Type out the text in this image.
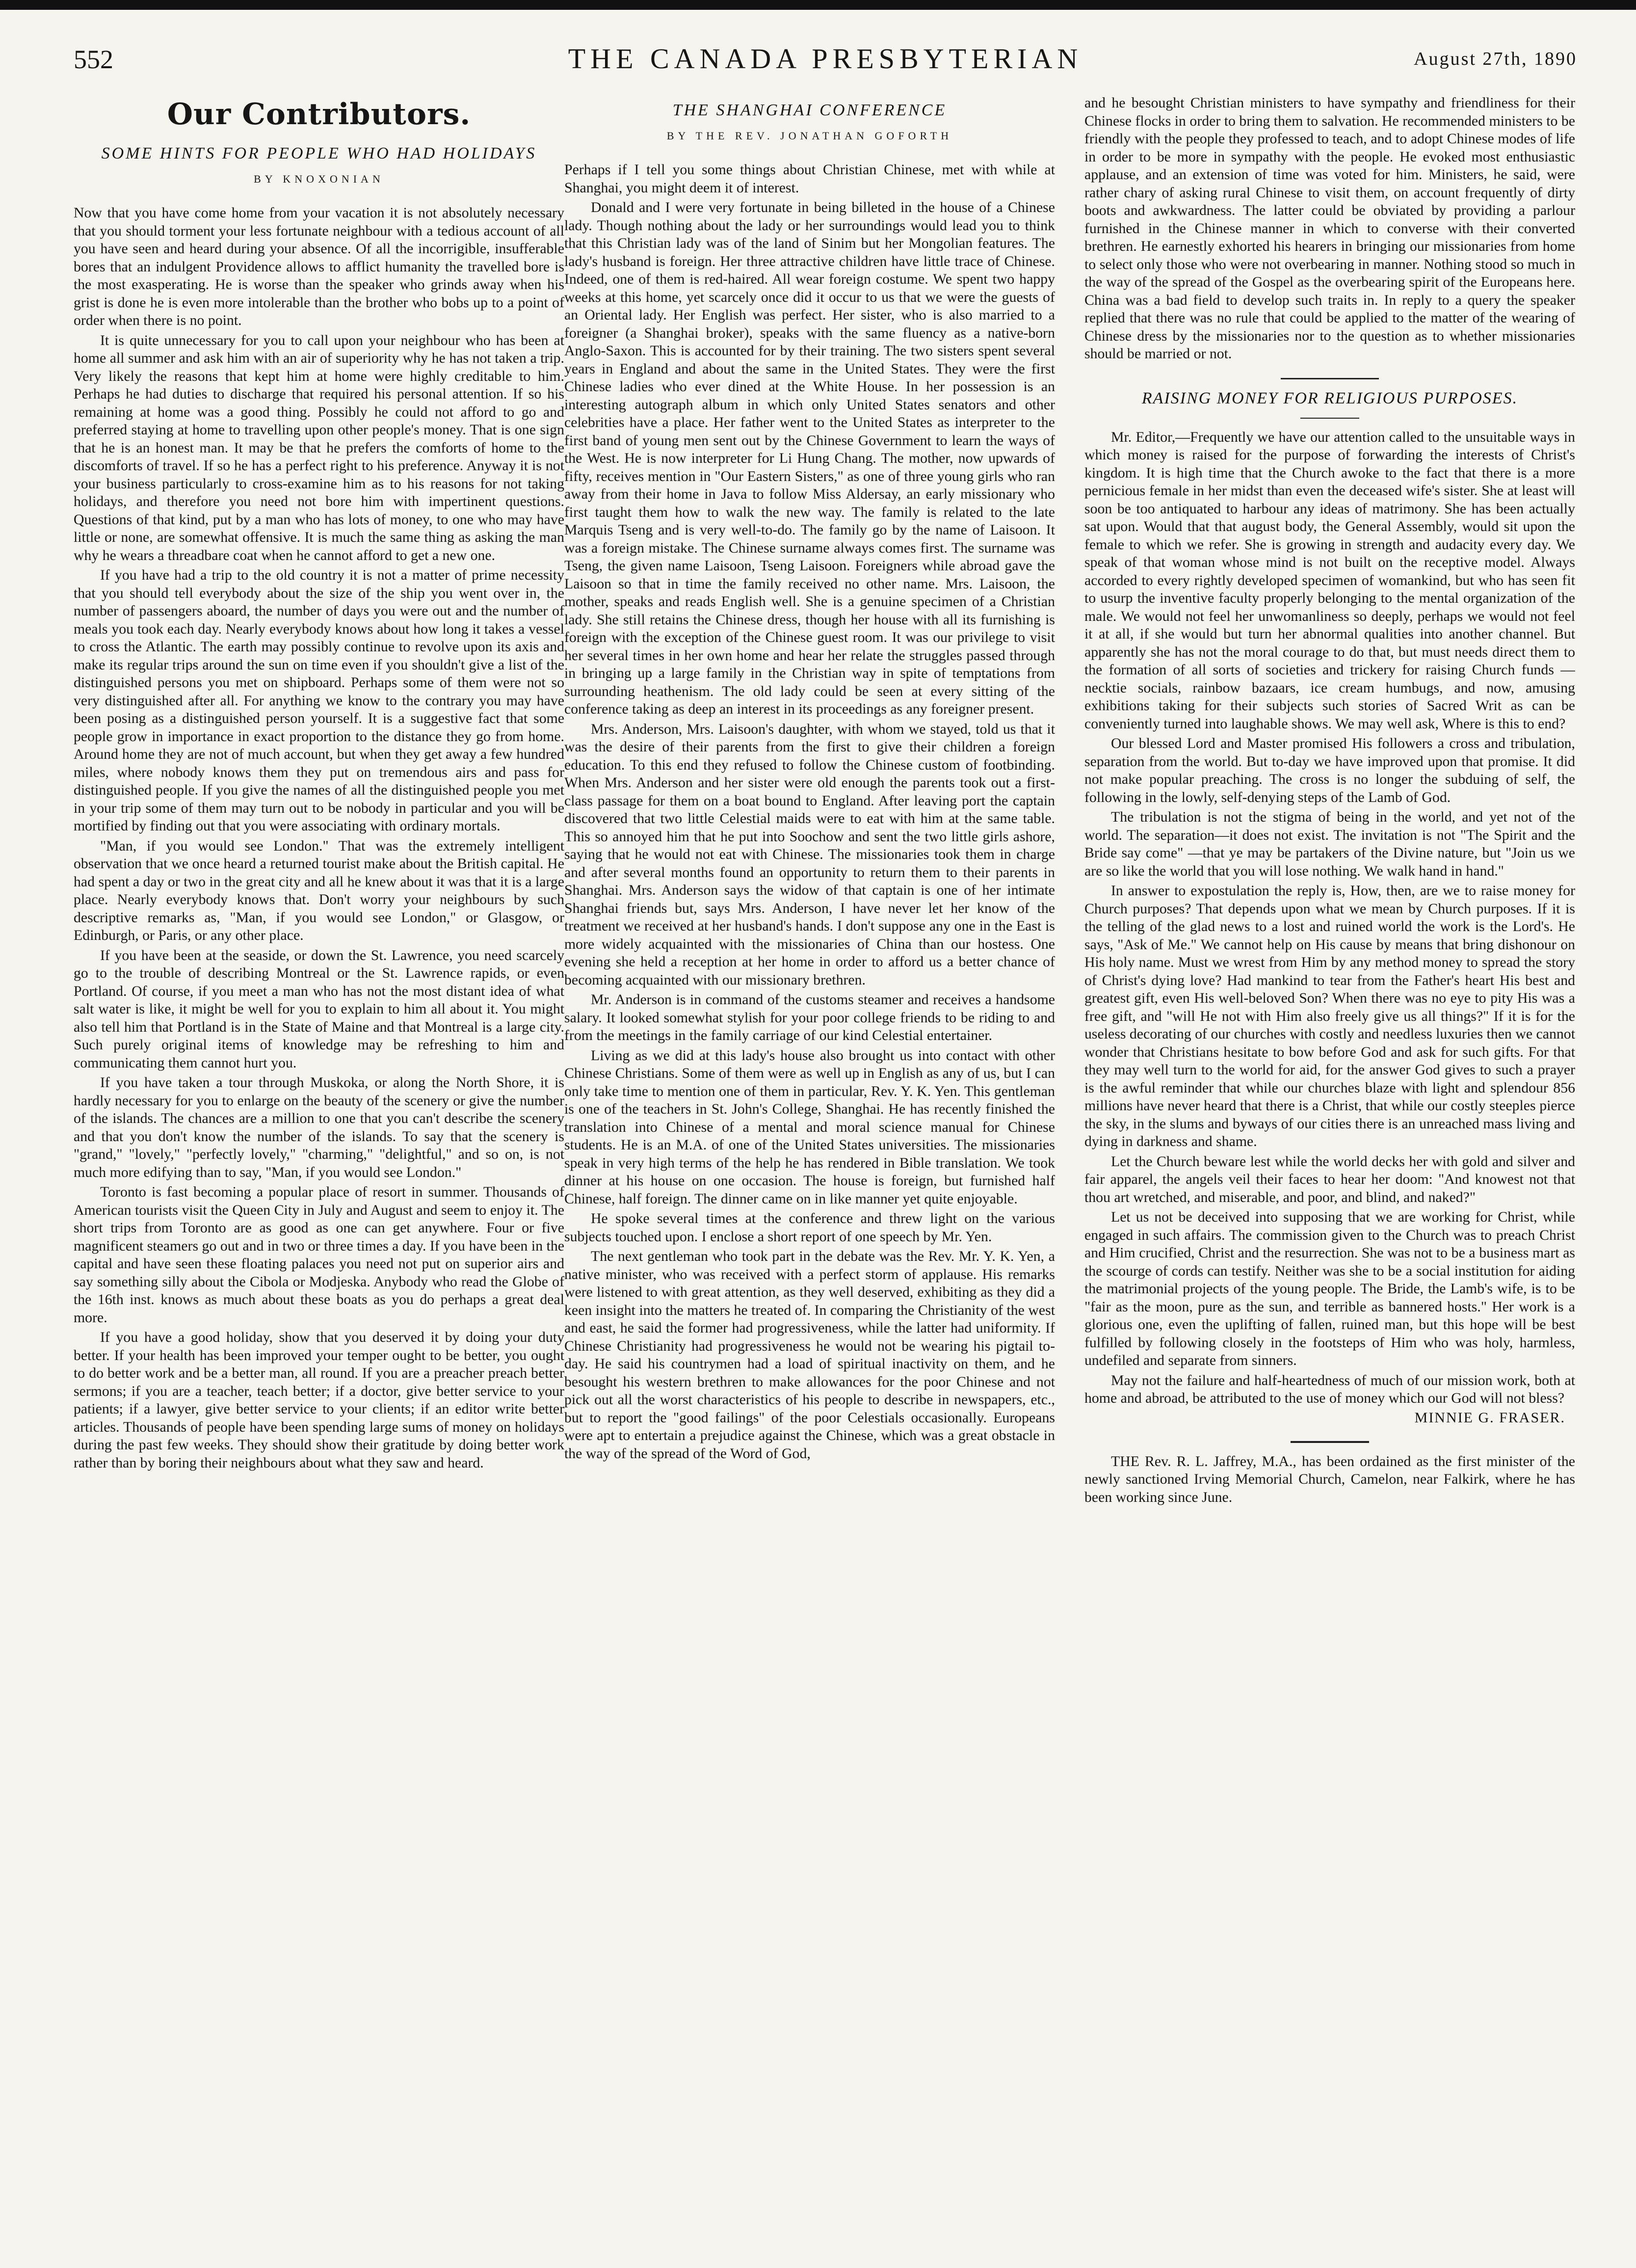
552	THE CANADA PRESBYTERIAN	August 27th, 1890
Our Contributors.
SOME HINTS FOR PEOPLE WHO HAD HOLIDAYS
BY KNOXONIAN

Now that you have come home from your vacation it is not absolutely necessary that you should torment your less fortunate neighbour with a tedious account of all you have seen and heard during your absence. Of all the incorrigible, insufferable bores that an indulgent Providence allows to afflict humanity the travelled bore is the most exasperating. He is worse than the speaker who grinds away when his grist is done he is even more intolerable than the brother who bobs up to a point of order when there is no point.

It is quite unnecessary for you to call upon your neighbour who has been at home all summer and ask him with an air of superiority why he has not taken a trip. Very likely the reasons that kept him at home were highly creditable to him. Perhaps he had duties to discharge that required his personal attention. If so his remaining at home was a good thing. Possibly he could not afford to go and preferred staying at home to travelling upon other people's money. That is one sign that he is an honest man. It may be that he prefers the comforts of home to the discomforts of travel. If so he has a perfect right to his preference. Anyway it is not your business particularly to cross-examine him as to his reasons for not taking holidays, and therefore you need not bore him with impertinent questions. Questions of that kind, put by a man who has lots of money, to one who may have little or none, are somewhat offensive. It is much the same thing as asking the man why he wears a threadbare coat when he cannot afford to get a new one.

If you have had a trip to the old country it is not a matter of prime necessity that you should tell everybody about the size of the ship you went over in, the number of passengers aboard, the number of days you were out and the number of meals you took each day. Nearly everybody knows about how long it takes a vessel to cross the Atlantic. The earth may possibly continue to revolve upon its axis and make its regular trips around the sun on time even if you shouldn't give a list of the distinguished persons you met on shipboard. Perhaps some of them were not so very distinguished after all. For anything we know to the contrary you may have been posing as a distinguished person yourself. It is a suggestive fact that some people grow in importance in exact proportion to the distance they go from home. Around home they are not of much account, but when they get away a few hundred miles, where nobody knows them they put on tremendous airs and pass for distinguished people. If you give the names of all the distinguished people you met in your trip some of them may turn out to be nobody in particular and you will be mortified by finding out that you were associating with ordinary mortals.

"Man, if you would see London." That was the extremely intelligent observation that we once heard a returned tourist make about the British capital. He had spent a day or two in the great city and all he knew about it was that it is a large place. Nearly everybody knows that. Don't worry your neighbours by such descriptive remarks as, "Man, if you would see London," or Glasgow, or Edinburgh, or Paris, or any other place.

If you have been at the seaside, or down the St. Lawrence, you need scarcely go to the trouble of describing Montreal or the St. Lawrence rapids, or even Portland. Of course, if you meet a man who has not the most distant idea of what salt water is like, it might be well for you to explain to him all about it. You might also tell him that Portland is in the State of Maine and that Montreal is a large city. Such purely original items of knowledge may be refreshing to him and communicating them cannot hurt you.

If you have taken a tour through Muskoka, or along the North Shore, it is hardly necessary for you to enlarge on the beauty of the scenery or give the number of the islands. The chances are a million to one that you can't describe the scenery and that you don't know the number of the islands. To say that the scenery is "grand," "lovely," "perfectly lovely," "charming," "delightful," and so on, is not much more edifying than to say, "Man, if you would see London."

Toronto is fast becoming a popular place of resort in summer. Thousands of American tourists visit the Queen City in July and August and seem to enjoy it. The short trips from Toronto are as good as one can get anywhere. Four or five magnificent steamers go out and in two or three times a day. If you have been in the capital and have seen these floating palaces you need not put on superior airs and say something silly about the Cibola or Modjeska. Anybody who read the Globe of the 16th inst. knows as much about these boats as you do perhaps a great deal more.

If you have a good holiday, show that you deserved it by doing your duty better. If your health has been improved your temper ought to be better, you ought to do better work and be a better man, all round. If you are a preacher preach better sermons; if you are a teacher, teach better; if a doctor, give better service to your patients; if a lawyer, give better service to your clients; if an editor write better articles. Thousands of people have been spending large sums of money on holidays during the past few weeks. They should show their gratitude by doing better work rather than by boring their neighbours about what they saw and heard.

THE SHANGHAI CONFERENCE
BY THE REV. JONATHAN GOFORTH

Perhaps if I tell you some things about Christian Chinese, met with while at Shanghai, you might deem it of interest.

Donald and I were very fortunate in being billeted in the house of a Chinese lady. Though nothing about the lady or her surroundings would lead you to think that this Christian lady was of the land of Sinim but her Mongolian features. The lady's husband is foreign. Her three attractive children have little trace of Chinese. Indeed, one of them is red-haired. All wear foreign costume. We spent two happy weeks at this home, yet scarcely once did it occur to us that we were the guests of an Oriental lady. Her English was perfect. Her sister, who is also married to a foreigner (a Shanghai broker), speaks with the same fluency as a native-born Anglo-Saxon. This is accounted for by their training. The two sisters spent several years in England and about the same in the United States. They were the first Chinese ladies who ever dined at the White House. In her possession is an interesting autograph album in which only United States senators and other celebrities have a place. Her father went to the United States as interpreter to the first band of young men sent out by the Chinese Government to learn the ways of the West. He is now interpreter for Li Hung Chang. The mother, now upwards of fifty, receives mention in "Our Eastern Sisters," as one of three young girls who ran away from their home in Java to follow Miss Aldersay, an early missionary who first taught them how to walk the new way. The family is related to the late Marquis Tseng and is very well-to-do. The family go by the name of Laisoon. It was a foreign mistake. The Chinese surname always comes first. The surname was Tseng, the given name Laisoon, Tseng Laisoon. Foreigners while abroad gave the Laisoon so that in time the family received no other name. Mrs. Laisoon, the mother, speaks and reads English well. She is a genuine specimen of a Christian lady. She still retains the Chinese dress, though her house with all its furnishing is foreign with the exception of the Chinese guest room. It was our privilege to visit her several times in her own home and hear her relate the struggles passed through in bringing up a large family in the Christian way in spite of temptations from surrounding heathenism. The old lady could be seen at every sitting of the conference taking as deep an interest in its proceedings as any foreigner present.

Mrs. Anderson, Mrs. Laisoon's daughter, with whom we stayed, told us that it was the desire of their parents from the first to give their children a foreign education. To this end they refused to follow the Chinese custom of footbinding. When Mrs. Anderson and her sister were old enough the parents took out a first-class passage for them on a boat bound to England. After leaving port the captain discovered that two little Celestial maids were to eat with him at the same table. This so annoyed him that he put into Soochow and sent the two little girls ashore, saying that he would not eat with Chinese. The missionaries took them in charge and after several months found an opportunity to return them to their parents in Shanghai. Mrs. Anderson says the widow of that captain is one of her intimate Shanghai friends but, says Mrs. Anderson, I have never let her know of the treatment we received at her husband's hands. I don't suppose any one in the East is more widely acquainted with the missionaries of China than our hostess. One evening she held a reception at her home in order to afford us a better chance of becoming acquainted with our missionary brethren.

Mr. Anderson is in command of the customs steamer and receives a handsome salary. It looked somewhat stylish for your poor college friends to be riding to and from the meetings in the family carriage of our kind Celestial entertainer.

Living as we did at this lady's house also brought us into contact with other Chinese Christians. Some of them were as well up in English as any of us, but I can only take time to mention one of them in particular, Rev. Y. K. Yen. This gentleman is one of the teachers in St. John's College, Shanghai. He has recently finished the translation into Chinese of a mental and moral science manual for Chinese students. He is an M.A. of one of the United States universities. The missionaries speak in very high terms of the help he has rendered in Bible translation. We took dinner at his house on one occasion. The house is foreign, but furnished half Chinese, half foreign. The dinner came on in like manner yet quite enjoyable.

He spoke several times at the conference and threw light on the various subjects touched upon. I enclose a short report of one speech by Mr. Yen.

The next gentleman who took part in the debate was the Rev. Mr. Y. K. Yen, a native minister, who was received with a perfect storm of applause. His remarks were listened to with great attention, as they well deserved, exhibiting as they did a keen insight into the matters he treated of. In comparing the Christianity of the west and east, he said the former had progressiveness, while the latter had uniformity. If Chinese Christianity had progressiveness he would not be wearing his pigtail to-day. He said his countrymen had a load of spiritual inactivity on them, and he besought his western brethren to make allowances for the poor Chinese and not pick out all the worst characteristics of his people to describe in newspapers, etc., but to report the "good failings" of the poor Celestials occasionally. Europeans were apt to entertain a prejudice against the Chinese, which was a great obstacle in the way of the spread of the Word of God,

and he besought Christian ministers to have sympathy and friendliness for their Chinese flocks in order to bring them to salvation. He recommended ministers to be friendly with the people they professed to teach, and to adopt Chinese modes of life in order to be more in sympathy with the people. He evoked most enthusiastic applause, and an extension of time was voted for him. Ministers, he said, were rather chary of asking rural Chinese to visit them, on account frequently of dirty boots and awkwardness. The latter could be obviated by providing a parlour furnished in the Chinese manner in which to converse with their converted brethren. He earnestly exhorted his hearers in bringing our missionaries from home to select only those who were not overbearing in manner. Nothing stood so much in the way of the spread of the Gospel as the overbearing spirit of the Europeans here. China was a bad field to develop such traits in. In reply to a query the speaker replied that there was no rule that could be applied to the matter of the wearing of Chinese dress by the missionaries nor to the question as to whether missionaries should be married or not.

RAISING MONEY FOR RELIGIOUS PURPOSES.

Mr. Editor,—Frequently we have our attention called to the unsuitable ways in which money is raised for the purpose of forwarding the interests of Christ's kingdom. It is high time that the Church awoke to the fact that there is a more pernicious female in her midst than even the deceased wife's sister. She at least will soon be too antiquated to harbour any ideas of matrimony. She has been actually sat upon. Would that that august body, the General Assembly, would sit upon the female to which we refer. She is growing in strength and audacity every day. We speak of that woman whose mind is not built on the receptive model. Always accorded to every rightly developed specimen of womankind, but who has seen fit to usurp the inventive faculty properly belonging to the mental organization of the male. We would not feel her unwomanliness so deeply, perhaps we would not feel it at all, if she would but turn her abnormal qualities into another channel. But apparently she has not the moral courage to do that, but must needs direct them to the formation of all sorts of societies and trickery for raising Church funds —necktie socials, rainbow bazaars, ice cream humbugs, and now, amusing exhibitions taking for their subjects such stories of Sacred Writ as can be conveniently turned into laughable shows. We may well ask, Where is this to end?

Our blessed Lord and Master promised His followers a cross and tribulation, separation from the world. But to-day we have improved upon that promise. It did not make popular preaching. The cross is no longer the subduing of self, the following in the lowly, self-denying steps of the Lamb of God.

The tribulation is not the stigma of being in the world, and yet not of the world. The separation—it does not exist. The invitation is not "The Spirit and the Bride say come" —that ye may be partakers of the Divine nature, but "Join us we are so like the world that you will lose nothing. We walk hand in hand."

In answer to expostulation the reply is, How, then, are we to raise money for Church purposes? That depends upon what we mean by Church purposes. If it is the telling of the glad news to a lost and ruined world the work is the Lord's. He says, "Ask of Me." We cannot help on His cause by means that bring dishonour on His holy name. Must we wrest from Him by any method money to spread the story of Christ's dying love? Had mankind to tear from the Father's heart His best and greatest gift, even His well-beloved Son? When there was no eye to pity His was a free gift, and "will He not with Him also freely give us all things?" If it is for the useless decorating of our churches with costly and needless luxuries then we cannot wonder that Christians hesitate to bow before God and ask for such gifts. For that they may well turn to the world for aid, for the answer God gives to such a prayer is the awful reminder that while our churches blaze with light and splendour 856 millions have never heard that there is a Christ, that while our costly steeples pierce the sky, in the slums and byways of our cities there is an unreached mass living and dying in darkness and shame.

Let the Church beware lest while the world decks her with gold and silver and fair apparel, the angels veil their faces to hear her doom: "And knowest not that thou art wretched, and miserable, and poor, and blind, and naked?"

Let us not be deceived into supposing that we are working for Christ, while engaged in such affairs. The commission given to the Church was to preach Christ and Him crucified, Christ and the resurrection. She was not to be a business mart as the scourge of cords can testify. Neither was she to be a social institution for aiding the matrimonial projects of the young people. The Bride, the Lamb's wife, is to be "fair as the moon, pure as the sun, and terrible as bannered hosts." Her work is a glorious one, even the uplifting of fallen, ruined man, but this hope will be best fulfilled by following closely in the footsteps of Him who was holy, harmless, undefiled and separate from sinners.

May not the failure and half-heartedness of much of our mission work, both at home and abroad, be attributed to the use of money which our God will not bless?

MINNIE G. FRASER.

THE Rev. R. L. Jaffrey, M.A., has been ordained as the first minister of the newly sanctioned Irving Memorial Church, Camelon, near Falkirk, where he has been working since June.
